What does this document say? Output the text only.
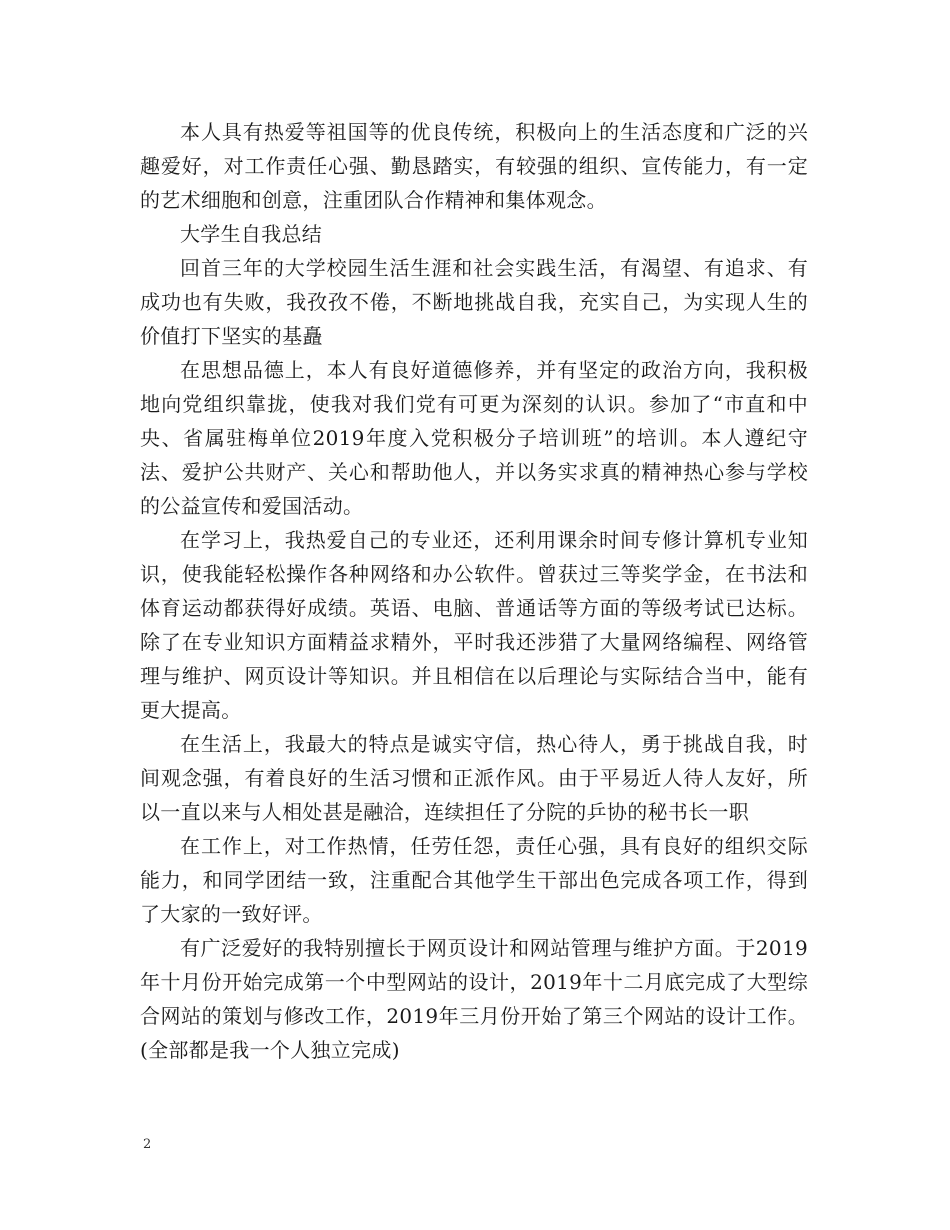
本人具有热爱等祖国等的优良传统，积极向上的生活态度和广泛的兴趣爱好，对工作责任心强、勤恳踏实，有较强的组织、宣传能力，有一定的艺术细胞和创意，注重团队合作精神和集体观念。

大学生自我总结

回首三年的大学校园生活生涯和社会实践生活，有渴望、有追求、有成功也有失败，我孜孜不倦，不断地挑战自我，充实自己，为实现人生的价值打下坚实的基矗

在思想品德上，本人有良好道德修养，并有坚定的政治方向，我积极地向党组织靠拢，使我对我们党有可更为深刻的认识。参加了“市直和中央、省属驻梅单位2019年度入党积极分子培训班”的培训。本人遵纪守法、爱护公共财产、关心和帮助他人，并以务实求真的精神热心参与学校的公益宣传和爱国活动。

在学习上，我热爱自己的专业还，还利用课余时间专修计算机专业知识，使我能轻松操作各种网络和办公软件。曾获过三等奖学金，在书法和体育运动都获得好成绩。英语、电脑、普通话等方面的等级考试已达标。除了在专业知识方面精益求精外，平时我还涉猎了大量网络编程、网络管理与维护、网页设计等知识。并且相信在以后理论与实际结合当中，能有更大提高。

在生活上，我最大的特点是诚实守信，热心待人，勇于挑战自我，时间观念强，有着良好的生活习惯和正派作风。由于平易近人待人友好，所以一直以来与人相处甚是融洽，连续担任了分院的乒协的秘书长一职

在工作上，对工作热情，任劳任怨，责任心强，具有良好的组织交际能力，和同学团结一致，注重配合其他学生干部出色完成各项工作，得到了大家的一致好评。

有广泛爱好的我特别擅长于网页设计和网站管理与维护方面。于2019年十月份开始完成第一个中型网站的设计，2019年十二月底完成了大型综合网站的策划与修改工作，2019年三月份开始了第三个网站的设计工作。(全部都是我一个人独立完成)

2
